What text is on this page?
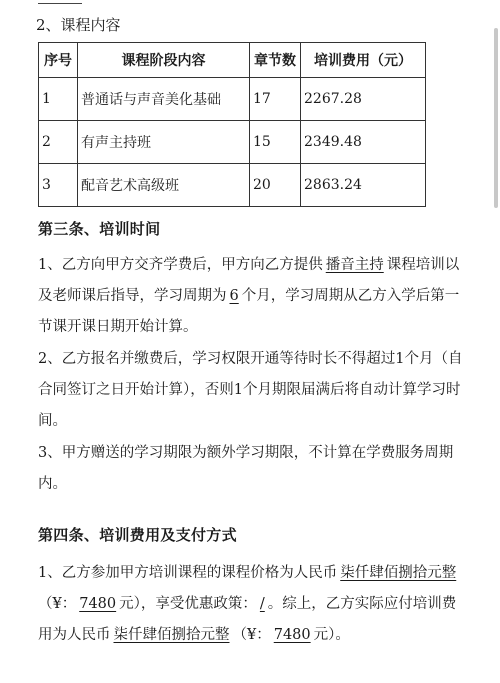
2、课程内容
序号	课程阶段内容	章节数	培训费用（元）
1	普通话与声音美化基础	17	2267.28
2	有声主持班	15	2349.48
3	配音艺术高级班	20	2863.24
第三条、培训时间
1、乙方向甲方交齐学费后，甲方向乙方提供 播音主持 课程培训以及老师课后指导，学习周期为 6 个月，学习周期从乙方入学后第一节课开课日期开始计算。
2、乙方报名并缴费后，学习权限开通等待时长不得超过1个月（自合同签订之日开始计算），否则1个月期限届满后将自动计算学习时间。
3、甲方赠送的学习期限为额外学习期限，不计算在学费服务周期内。
第四条、培训费用及支付方式
1、乙方参加甲方培训课程的课程价格为人民币 柒仟肆佰捌拾元整（¥： 7480 元），享受优惠政策： / 。综上，乙方实际应付培训费用为人民币 柒仟肆佰捌拾元整 （¥： 7480 元）。
